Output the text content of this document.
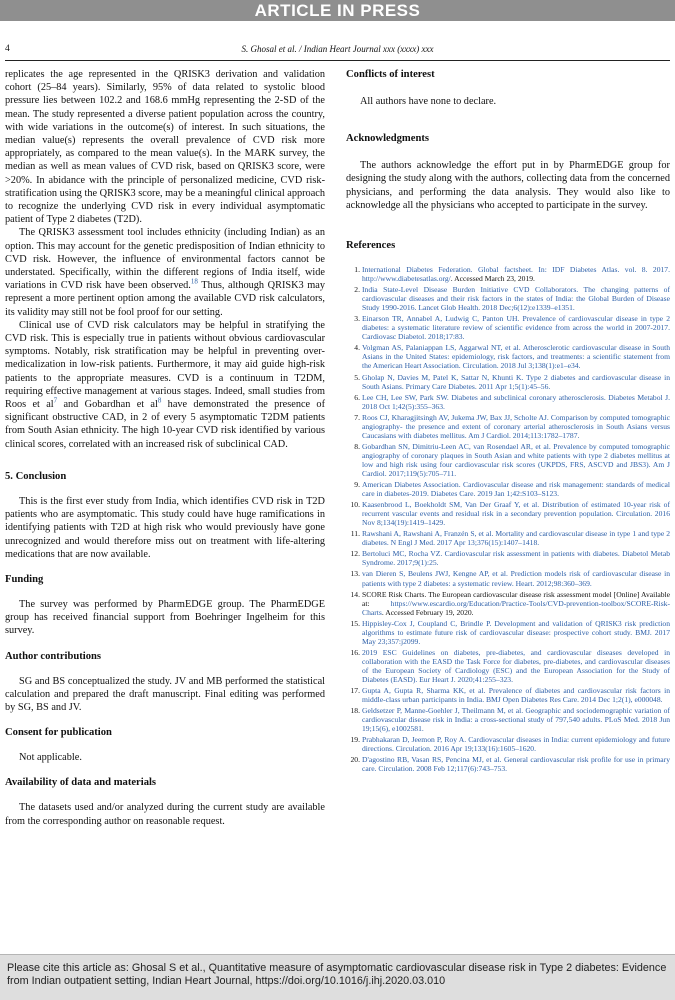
ARTICLE IN PRESS
4	S. Ghosal et al. / Indian Heart Journal xxx (xxxx) xxx

replicates the age represented in the QRISK3 derivation and validation cohort (25–84 years). Similarly, 95% of data related to systolic blood pressure lies between 102.2 and 168.6 mmHg representing the 2-SD of the mean. The study represented a diverse patient population across the country, with wide variations in the outcome(s) of interest. In such situations, the median value(s) represents the overall prevalence of CVD risk more appropriately, as compared to the mean value(s). In the MARK survey, the median as well as mean values of CVD risk, based on QRISK3 score, were >20%. In abidance with the principle of personalized medicine, CVD risk-stratification using the QRISK3 score, may be a meaningful clinical approach to recognize the underlying CVD risk in every individual asymptomatic patient of Type 2 diabetes (T2D).

The QRISK3 assessment tool includes ethnicity (including Indian) as an option. This may account for the genetic predisposition of Indian ethnicity to CVD risk. However, the influence of environmental factors cannot be understated. Specifically, within the different regions of India itself, wide variations in CVD risk have been observed.$^{18}$ Thus, although QRISK3 may represent a more pertinent option among the available CVD risk calculators, its validity may still not be fool proof for our setting.

Clinical use of CVD risk calculators may be helpful in stratifying the CVD risk. This is especially true in patients without obvious cardiovascular symptoms. Notably, risk stratification may be helpful in preventing over-medicalization in low-risk patients. Furthermore, it may aid guide high-risk patients to the appropriate measures. CVD is a continuum in T2DM, requiring effective management at various stages. Indeed, small studies from Roos et $al^7$ and Gobardhan et $al^8$ have demonstrated the presence of significant obstructive CAD, in 2 of every 5 asymptomatic T2DM patients from South Asian ethnicity. The high 10-year CVD risk identified by various clinical scores, correlated with an increased risk of subclinical CAD.

5. Conclusion

This is the first ever study from India, which identifies CVD risk in T2D patients who are asymptomatic. This study could have huge ramifications in identifying patients with T2D at high risk who would previously have gone unrecognized and would therefore miss out on treatment with life-altering medications that are now available.

Funding

The survey was performed by PharmEDGE group. The PharmEDGE group has received financial support from Boehringer Ingelheim for this survey.

Author contributions

SG and BS conceptualized the study. JV and MB performed the statistical calculation and prepared the draft manuscript. Final editing was performed by SG, BS and JV.

Consent for publication

Not applicable.

Availability of data and materials

The datasets used and/or analyzed during the current study are available from the corresponding author on reasonable request.

Conflicts of interest

All authors have none to declare.

Acknowledgments

The authors acknowledge the effort put in by PharmEDGE group for designing the study along with the authors, collecting data from the concerned physicians, and performing the data analysis. They would also like to acknowledge all the physicians who accepted to participate in the survey.

References
1. International Diabetes Federation. Global factsheet. In: IDF Diabetes Atlas. vol. 8. 2017. http://www.diabetesatlas.org/. Accessed March 23, 2019.
2. India State-Level Disease Burden Initiative CVD Collaborators. The changing patterns of cardiovascular diseases and their risk factors in the states of India: the Global Burden of Disease Study 1990-2016. Lancet Glob Health. 2018 Dec;6(12):e1339–e1351.
3. Einarson TR, Annabel A, Ludwig C, Panton UH. Prevalence of cardiovascular disease in type 2 diabetes: a systematic literature review of scientific evidence from across the world in 2007-2017. Cardiovasc Diabetol. 2018;17:83.
4. Volgman AS, Palaniappan LS, Aggarwal NT, et al. Atherosclerotic cardiovascular disease in South Asians in the United States: epidemiology, risk factors, and treatments: a scientific statement from the American Heart Association. Circulation. 2018 Jul 3;138(1):e1–e34.
5. Gholap N, Davies M, Patel K, Sattar N, Khunti K. Type 2 diabetes and cardiovascular disease in South Asians. Primary Care Diabetes. 2011 Apr 1;5(1):45–56.
6. Lee CH, Lee SW, Park SW. Diabetes and subclinical coronary atherosclerosis. Diabetes Metabol J. 2018 Oct 1;42(5):355–363.
7. Roos CJ, Kharagjitsingh AV, Jukema JW, Bax JJ, Scholte AJ. Comparison by computed tomographic angiography- the presence and extent of coronary arterial atherosclerosis in South Asians versus Caucasians with diabetes mellitus. Am J Cardiol. 2014;113:1782–1787.
8. Gobardhan SN, Dimitriu-Leen AC, van Rosendael AR, et al. Prevalence by computed tomographic angiography of coronary plaques in South Asian and white patients with type 2 diabetes mellitus at low and high risk using four cardiovascular risk scores (UKPDS, FRS, ASCVD and JBS3). Am J Cardiol. 2017;119(5):705–711.
9. American Diabetes Association. Cardiovascular disease and risk management: standards of medical care in diabetes-2019. Diabetes Care. 2019 Jan 1;42:S103–S123.
10. Kaasenbrood L, Boekholdt SM, Van Der Graaf Y, et al. Distribution of estimated 10-year risk of recurrent vascular events and residual risk in a secondary prevention population. Circulation. 2016 Nov 8;134(19):1419–1429.
11. Rawshani A, Rawshani A, Franzén S, et al. Mortality and cardiovascular disease in type 1 and type 2 diabetes. N Engl J Med. 2017 Apr 13;376(15):1407–1418.
12. Bertoluci MC, Rocha VZ. Cardiovascular risk assessment in patients with diabetes. Diabetol Metab Syndrome. 2017;9(1):25.
13. van Dieren S, Beulens JWJ, Kengne AP, et al. Prediction models risk of cardiovascular disease in patients with type 2 diabetes: a systematic review. Heart. 2012;98:360–369.
14. SCORE Risk Charts. The European cardiovascular disease risk assessment model [Online] Available at:	https://www.escardio.org/Education/Practice-Tools/CVD-prevention-toolbox/SCORE-Risk-Charts. Accessed February 19, 2020.
15. Hippisley-Cox J, Coupland C, Brindle P. Development and validation of QRISK3 risk prediction algorithms to estimate future risk of cardiovascular disease: prospective cohort study. BMJ. 2017 May 23;357:j2099.
16. 2019 ESC Guidelines on diabetes, pre-diabetes, and cardiovascular diseases developed in collaboration with the EASD the Task Force for diabetes, pre-diabetes, and cardiovascular diseases of the European Society of Cardiology (ESC) and the European Association for the Study of Diabetes (EASD). Eur Heart J. 2020;41:255–323.
17. Gupta A, Gupta R, Sharma KK, et al. Prevalence of diabetes and cardiovascular risk factors in middle-class urban participants in India. BMJ Open Diabetes Res Care. 2014 Dec 1;2(1), e000048.
18. Geldsetzer P, Manne-Goehler J, Theilmann M, et al. Geographic and sociodemographic variation of cardiovascular disease risk in India: a cross-sectional study of 797,540 adults. PLoS Med. 2018 Jun 19;15(6), e1002581.
19. Prabhakaran D, Jeemon P, Roy A. Cardiovascular diseases in India: current epidemiology and future directions. Circulation. 2016 Apr 19;133(16):1605–1620.
20. D'agostino RB, Vasan RS, Pencina MJ, et al. General cardiovascular risk profile for use in primary care. Circulation. 2008 Feb 12;117(6):743–753.
Please cite this article as: Ghosal S et al., Quantitative measure of asymptomatic cardiovascular disease risk in Type 2 diabetes: Evidence from Indian outpatient setting, Indian Heart Journal, https://doi.org/10.1016/j.ihj.2020.03.010
